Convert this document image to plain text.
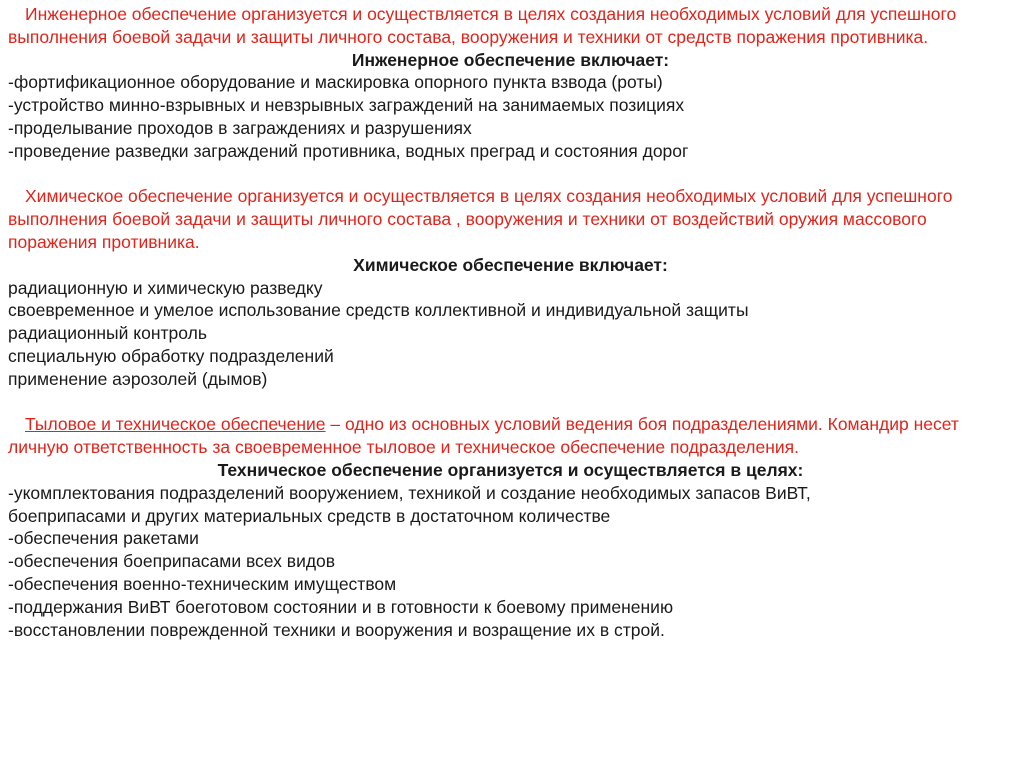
Инженерное обеспечение организуется и осуществляется в целях создания необходимых условий для успешного выполнения боевой задачи и защиты личного состава, вооружения и техники от средств поражения противника.

Инженерное обеспечение включает:

-фортификационное оборудование и маскировка опорного пункта взвода (роты)

-устройство минно-взрывных и невзрывных заграждений на занимаемых позициях

-проделывание проходов в заграждениях и разрушениях

-проведение разведки заграждений противника, водных преград и состояния дорог

Химическое обеспечение организуется и осуществляется в целях создания необходимых условий для успешного выполнения боевой задачи и защиты личного состава , вооружения и техники от воздействий оружия массового поражения противника.

Химическое обеспечение включает:

радиационную и химическую разведку

своевременное и умелое использование средств коллективной и индивидуальной защиты

радиационный контроль

специальную обработку подразделений

применение аэрозолей (дымов)

Тыловое и техническое обеспечение – одно из основных условий ведения боя подразделениями. Командир несет личную ответственность за своевременное тыловое и техническое обеспечение подразделения.

Техническое обеспечение организуется и осуществляется в целях:

-укомплектования подразделений вооружением, техникой и создание необходимых запасов ВиВТ,

боеприпасами и других материальных средств в достаточном количестве

-обеспечения ракетами

-обеспечения боеприпасами всех видов

-обеспечения военно-техническим имуществом

-поддержания ВиВТ боеготовом состоянии и в готовности к боевому применению

-восстановлении поврежденной техники и вооружения и возращение их в строй.
